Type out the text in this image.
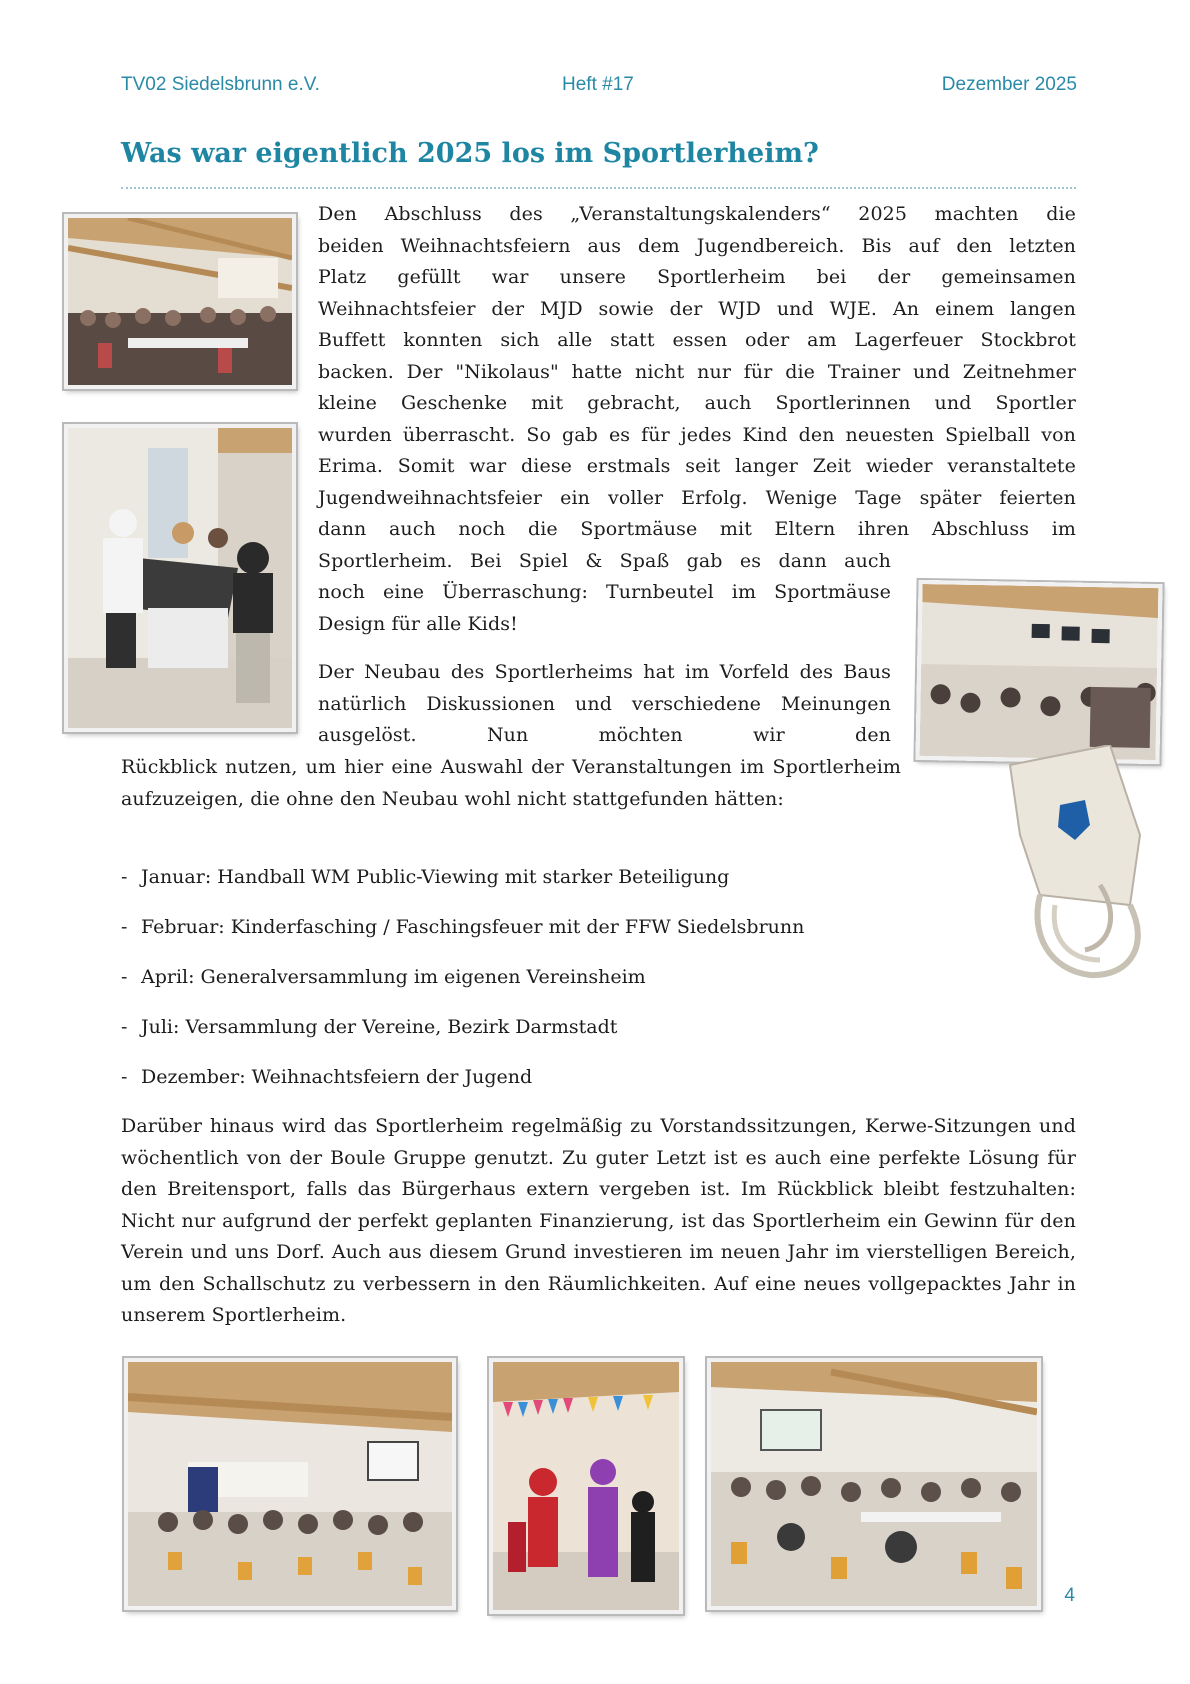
TV02 Siedelsbrunn e.V.	Heft #17	Dezember 2025
Was war eigentlich 2025 los im Sportlerheim?
Den Abschluss des „Veranstaltungskalenders“ 2025 machten die
beiden Weihnachtsfeiern aus dem Jugendbereich. Bis auf den letzten
Platz gefüllt war unsere Sportlerheim bei der gemeinsamen
Weihnachtsfeier der MJD sowie der WJD und WJE. An einem langen
Buffett konnten sich alle statt essen oder am Lagerfeuer Stockbrot
backen. Der "Nikolaus" hatte nicht nur für die Trainer und Zeitnehmer
kleine Geschenke mit gebracht, auch Sportlerinnen und Sportler
wurden überrascht. So gab es für jedes Kind den neuesten Spielball von
Erima. Somit war diese erstmals seit langer Zeit wieder veranstaltete
Jugendweihnachtsfeier ein voller Erfolg. Wenige Tage später feierten
dann auch noch die Sportmäuse mit Eltern ihren Abschluss im
Sportlerheim. Bei Spiel & Spaß gab es dann auch
noch eine Überraschung: Turnbeutel im Sportmäuse
Design für alle Kids!

Der Neubau des Sportlerheims hat im Vorfeld des Baus natürlich Diskussionen und verschiedene Meinungen ausgelöst. Nun möchten wir den

Rückblick nutzen, um hier eine Auswahl der Veranstaltungen im Sportlerheim aufzuzeigen, die ohne den Neubau wohl nicht stattgefunden hätten:

- Januar: Handball WM Public-Viewing mit starker Beteiligung
- Februar: Kinderfasching / Faschingsfeuer mit der FFW Siedelsbrunn
- April: Generalversammlung im eigenen Vereinsheim
- Juli: Versammlung der Vereine, Bezirk Darmstadt
- Dezember: Weihnachtsfeiern der Jugend

Darüber hinaus wird das Sportlerheim regelmäßig zu Vorstandssitzungen, Kerwe-Sitzungen und wöchentlich von der Boule Gruppe genutzt. Zu guter Letzt ist es auch eine perfekte Lösung für den Breitensport, falls das Bürgerhaus extern vergeben ist. Im Rückblick bleibt festzuhalten: Nicht nur aufgrund der perfekt geplanten Finanzierung, ist das Sportlerheim ein Gewinn für den Verein und uns Dorf. Auch aus diesem Grund investieren im neuen Jahr im vierstelligen Bereich, um den Schallschutz zu verbessern in den Räumlichkeiten. Auf eine neues vollgepacktes Jahr in unserem Sportlerheim.

4
